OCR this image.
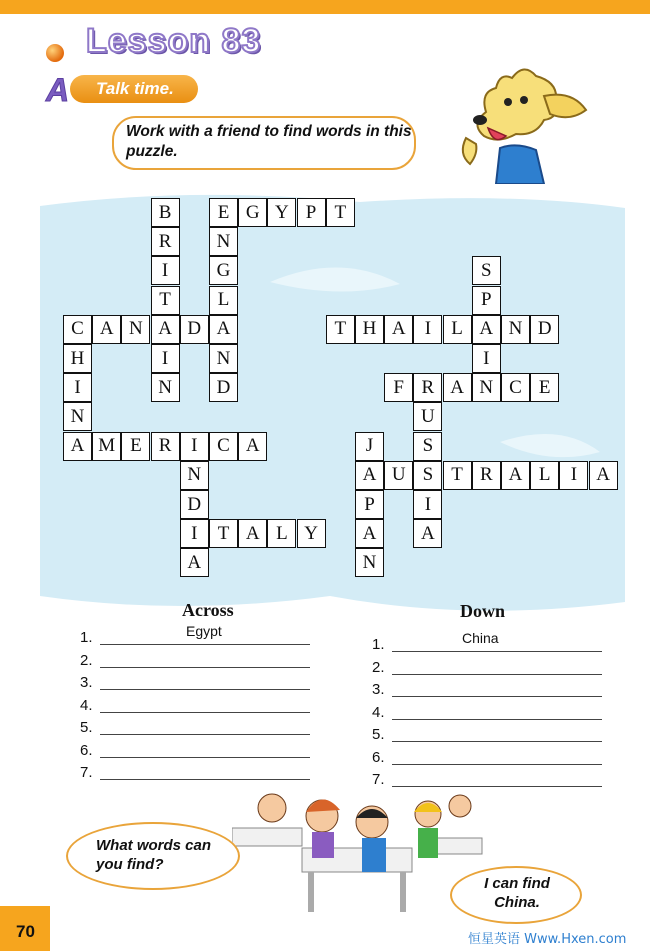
Lesson 83
A Talk time.
Work with a friend to find words in this puzzle.
B
R
I
T
A
I
N
E G Y P T
N
G
L
A
N
D
S
P
A
I
N
C A N	D
H
I
N
A
T H A	I	L	N D
F R A	C E
U
S
S
I
A
M E R	I	C A
N
D
I
A
J
A
P
A
N
U	T R A L	I	A
T A L Y
Across	Down
1.	Egypt
2.
3.
4.
5.
6.
7.
1.	China
2.
3.
4.
5.
6.
7.
What words can you find?
I can find China.
70	恒星英语 Www.Hxen.com
